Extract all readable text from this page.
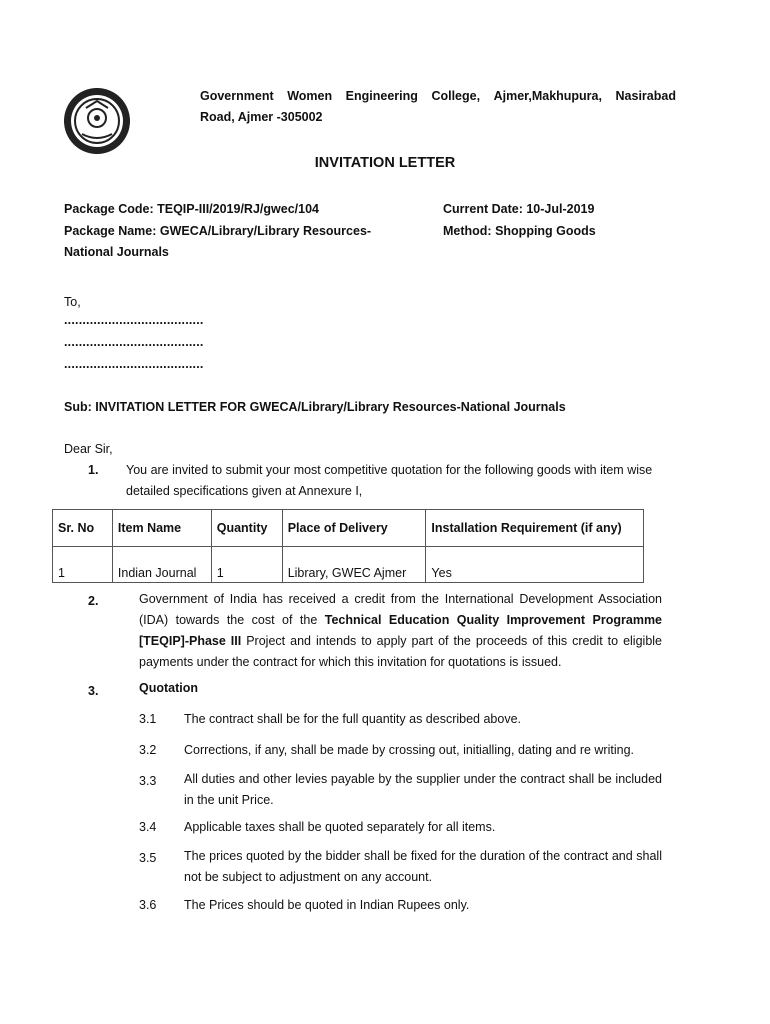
Government Women Engineering College, Ajmer,Makhupura, Nasirabad
Road, Ajmer -305002
INVITATION LETTER
Package Code: TEQIP-III/2019/RJ/gwec/104	Current Date: 10-Jul-2019
Package Name: GWECA/Library/Library Resources-	Method: Shopping Goods
National Journals
To,
......................................
......................................
......................................
Sub: INVITATION LETTER FOR GWECA/Library/Library Resources-National Journals
Dear Sir,
1. You are invited to submit your most competitive quotation for the following goods with item wise
detailed specifications given at Annexure I,
Sr. No	Item Name	Quantity	Place of Delivery	Installation Requirement (if any)
1	Indian Journal	1	Library, GWEC Ajmer	Yes
2.	Government of India has received a credit from the International Development Association (IDA) towards the cost of the Technical Education Quality Improvement Programme [TEQIP]-Phase III Project and intends to apply part of the proceeds of this credit to eligible payments under the contract for which this invitation for quotations is issued.
3.	Quotation
3.1 The contract shall be for the full quantity as described above.
3.2 Corrections, if any, shall be made by crossing out, initialling, dating and re writing.
3.3 All duties and other levies payable by the supplier under the contract shall be included in the unit Price.
3.4 Applicable taxes shall be quoted separately for all items.
3.5 The prices quoted by the bidder shall be fixed for the duration of the contract and shall not be subject to adjustment on any account.
3.6 The Prices should be quoted in Indian Rupees only.
